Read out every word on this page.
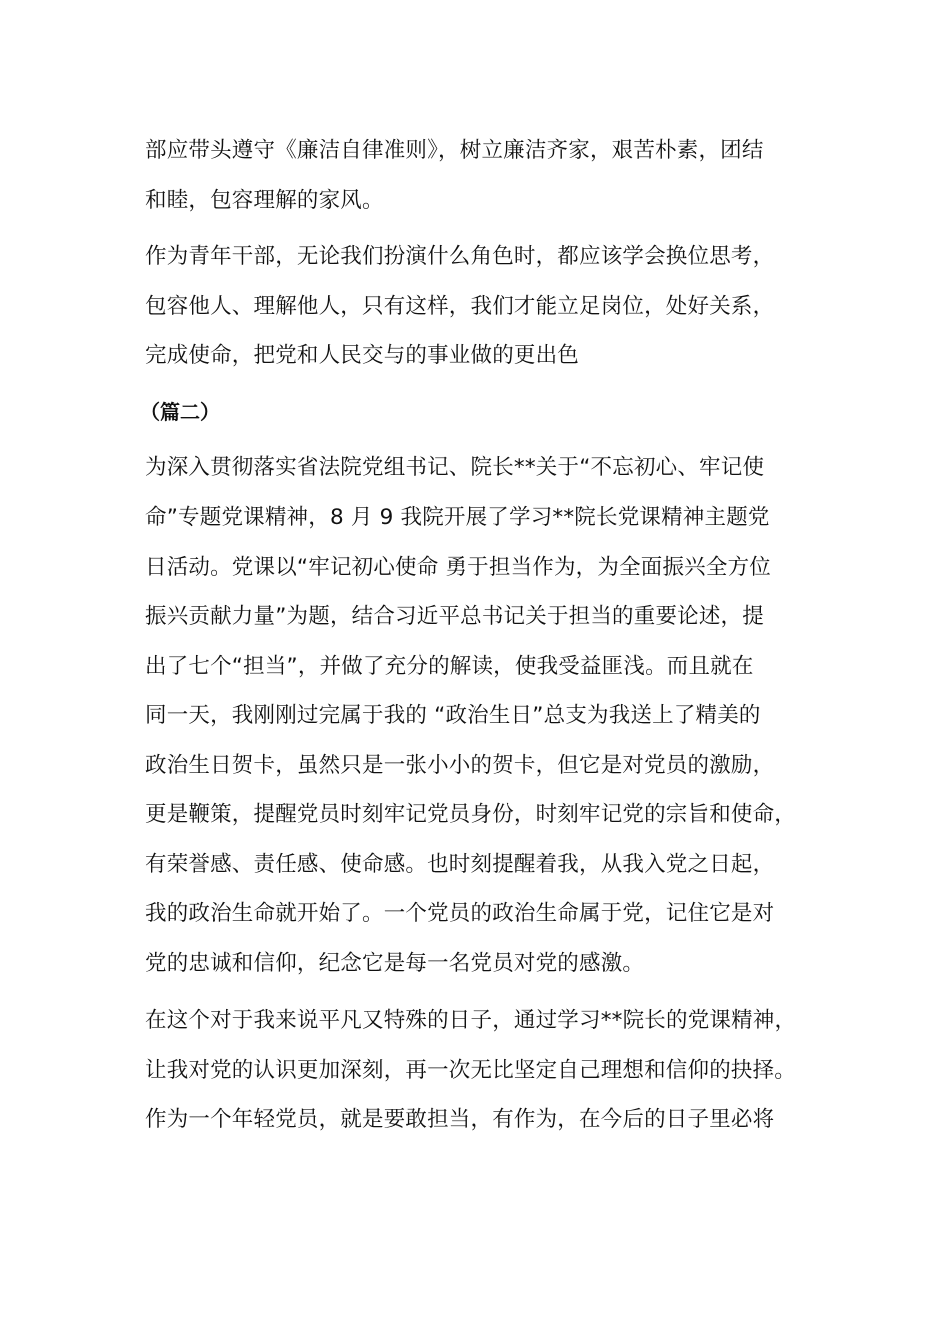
部应带头遵守《廉洁自律准则》，树立廉洁齐家，艰苦朴素，团结
和睦，包容理解的家风。
作为青年干部，无论我们扮演什么角色时，都应该学会换位思考，
包容他人、理解他人，只有这样，我们才能立足岗位，处好关系，
完成使命，把党和人民交与的事业做的更出色
（篇二）
为深入贯彻落实省法院党组书记、院长**关于“不忘初心、牢记使
命”专题党课精神，8 月 9 我院开展了学习**院长党课精神主题党
日活动。党课以“牢记初心使命 勇于担当作为，为全面振兴全方位
振兴贡献力量”为题，结合习近平总书记关于担当的重要论述，提
出了七个“担当”，并做了充分的解读，使我受益匪浅。而且就在
同一天，我刚刚过完属于我的 “政治生日”总支为我送上了精美的
政治生日贺卡，虽然只是一张小小的贺卡，但它是对党员的激励，
更是鞭策，提醒党员时刻牢记党员身份，时刻牢记党的宗旨和使命，
有荣誉感、责任感、使命感。也时刻提醒着我，从我入党之日起，
我的政治生命就开始了。一个党员的政治生命属于党，记住它是对
党的忠诚和信仰，纪念它是每一名党员对党的感激。
在这个对于我来说平凡又特殊的日子，通过学习**院长的党课精神，
让我对党的认识更加深刻，再一次无比坚定自己理想和信仰的抉择。
作为一个年轻党员，就是要敢担当，有作为，在今后的日子里必将
